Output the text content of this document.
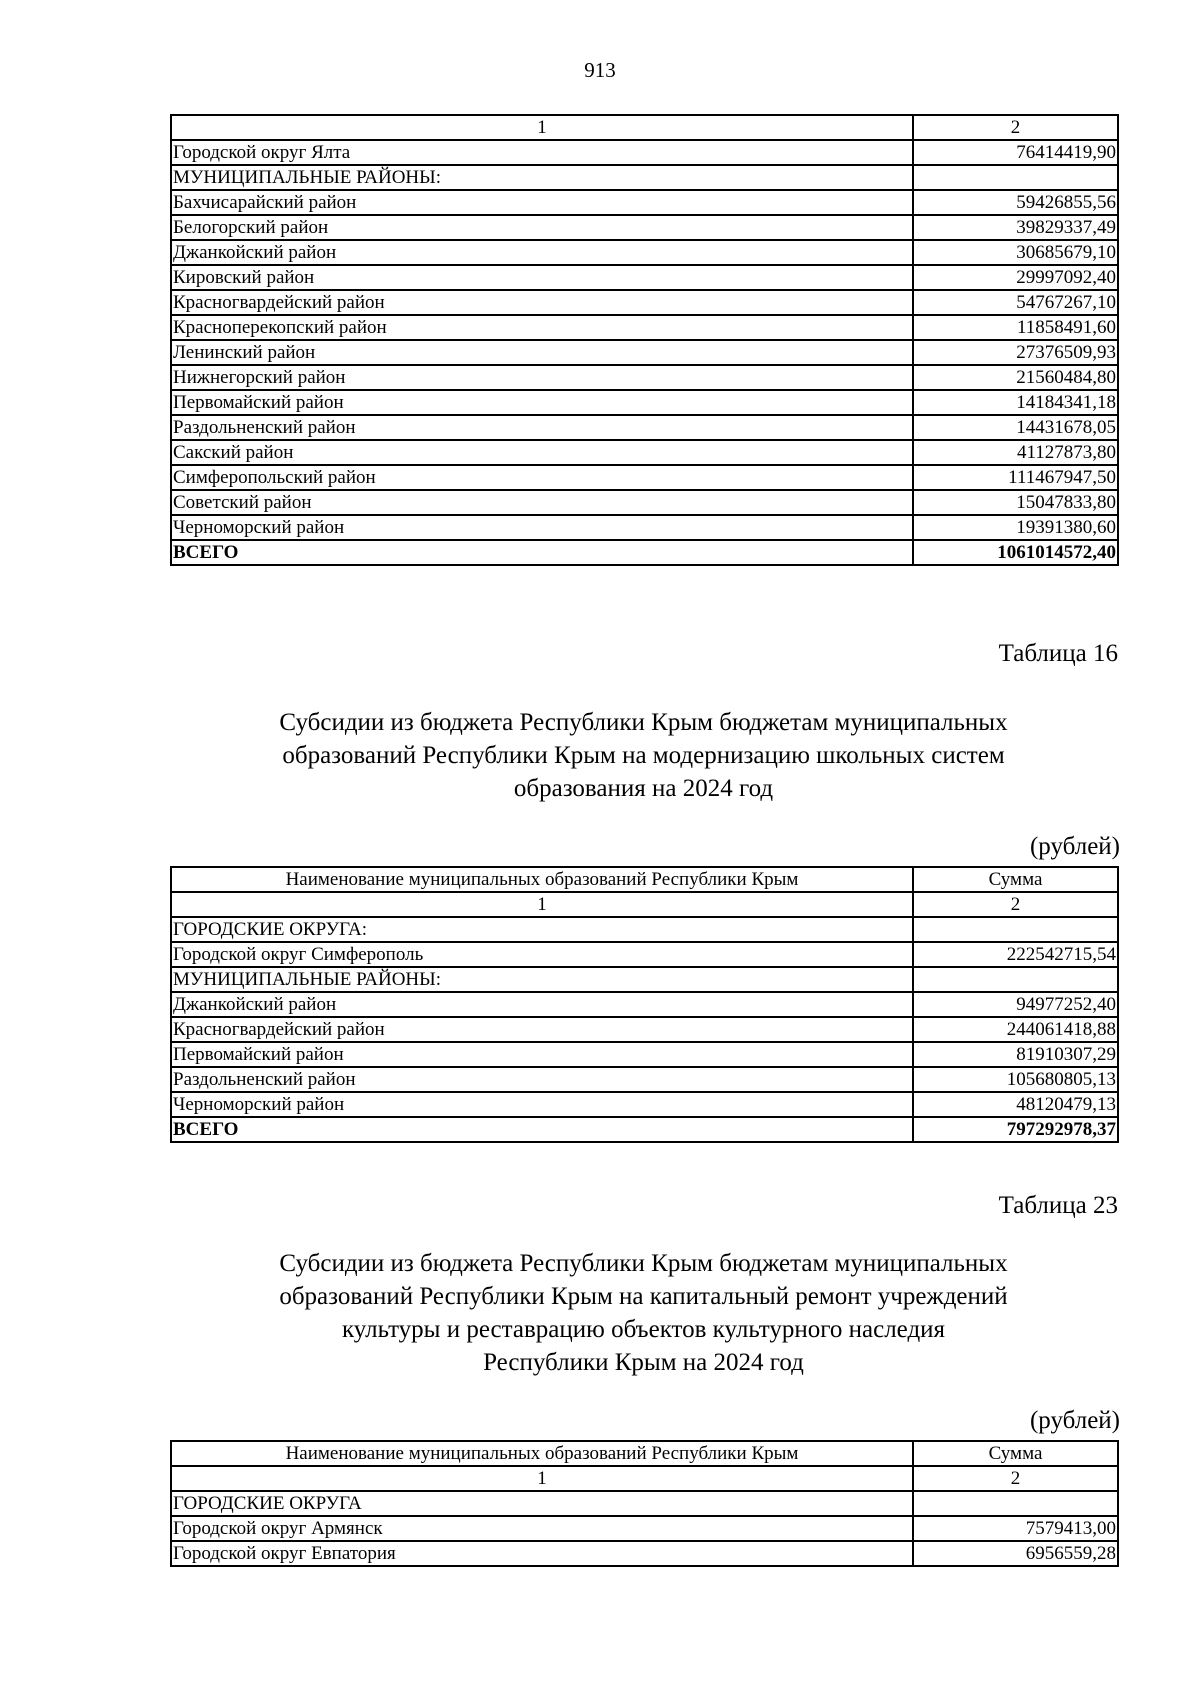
913
1	2
Городской округ Ялта	76414419,90
МУНИЦИПАЛЬНЫЕ РАЙОНЫ:	
Бахчисарайский район	59426855,56
Белогорский район	39829337,49
Джанкойский район	30685679,10
Кировский район	29997092,40
Красногвардейский район	54767267,10
Красноперекопский район	11858491,60
Ленинский район	27376509,93
Нижнегорский район	21560484,80
Первомайский район	14184341,18
Раздольненский район	14431678,05
Сакский район	41127873,80
Симферопольский район	111467947,50
Советский район	15047833,80
Черноморский район	19391380,60
ВСЕГО	1061014572,40
Таблица 16
Субсидии из бюджета Республики Крым бюджетам муниципальных
образований Республики Крым на модернизацию школьных систем
образования на 2024 год
(рублей)
Наименование муниципальных образований Республики Крым	Сумма
1	2
ГОРОДСКИЕ ОКРУГА:	
Городской округ Симферополь	222542715,54
МУНИЦИПАЛЬНЫЕ РАЙОНЫ:	
Джанкойский район	94977252,40
Красногвардейский район	244061418,88
Первомайский район	81910307,29
Раздольненский район	105680805,13
Черноморский район	48120479,13
ВСЕГО	797292978,37
Таблица 23
Субсидии из бюджета Республики Крым бюджетам муниципальных
образований Республики Крым на капитальный ремонт учреждений
культуры и реставрацию объектов культурного наследия
Республики Крым на 2024 год
(рублей)
Наименование муниципальных образований Республики Крым	Сумма
1	2
ГОРОДСКИЕ ОКРУГА	
Городской округ Армянск	7579413,00
Городской округ Евпатория	6956559,28
